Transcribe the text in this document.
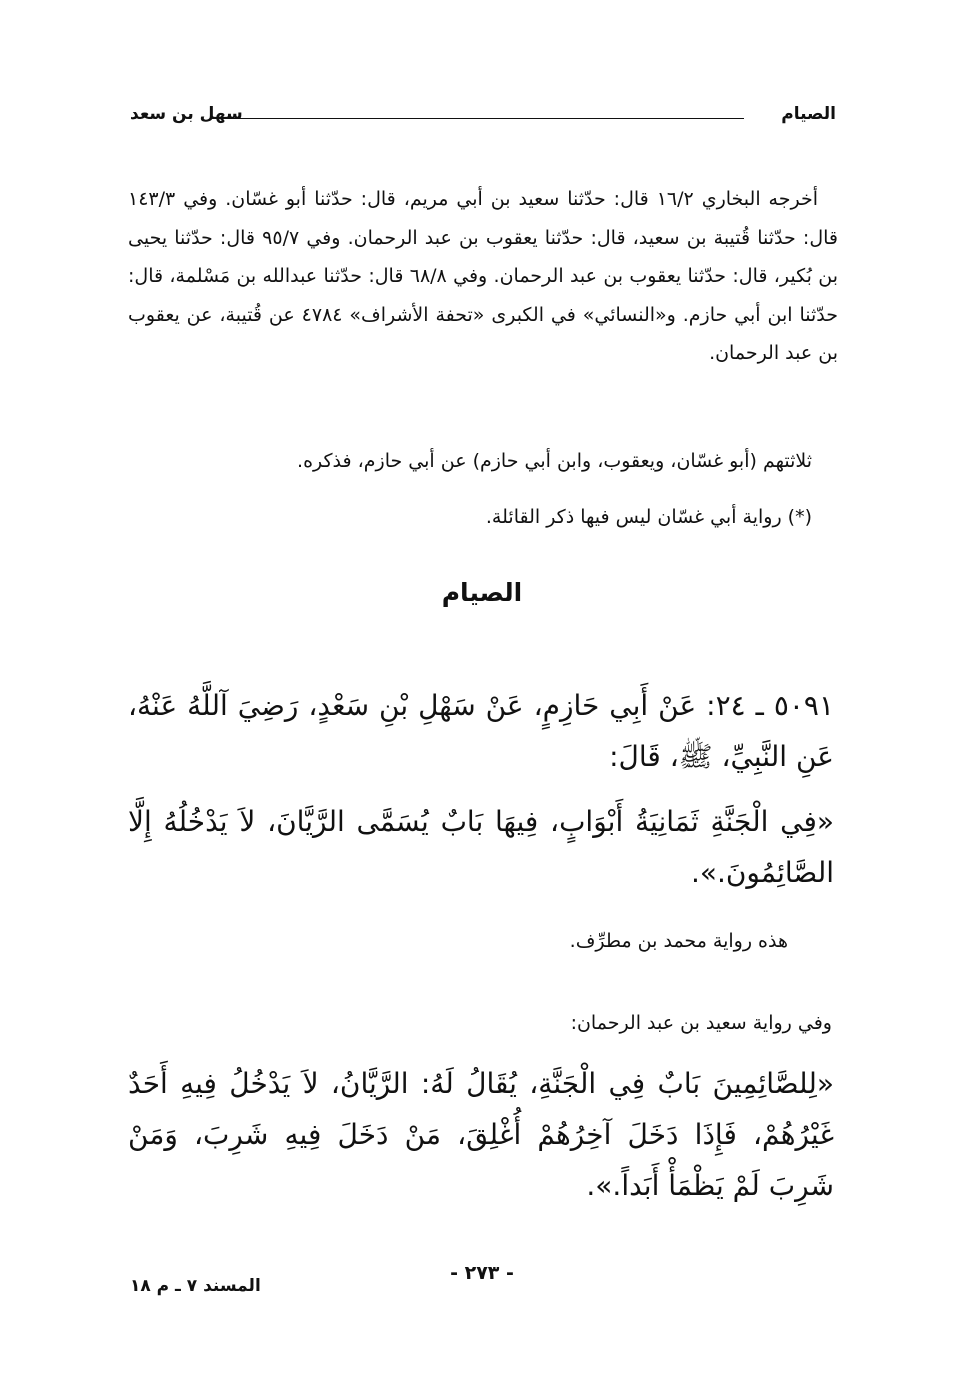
الصيام
سهل بن سعد

أخرجه البخاري ١٦/٢ قال: حدّثنا سعيد بن أبي مريم، قال: حدّثنا أبو غسّان. وفي ١٤٣/٣ قال: حدّثنا قُتيبة بن سعيد، قال: حدّثنا يعقوب بن عبد الرحمان. وفي ٩٥/٧ قال: حدّثنا يحيى بن بُكير، قال: حدّثنا يعقوب بن عبد الرحمان. وفي ٦٨/٨ قال: حدّثنا عبدالله بن مَسْلمة، قال: حدّثنا ابن أبي حازم. و«النسائي» في الكبرى «تحفة الأشراف» ٤٧٨٤ عن قُتيبة، عن يعقوب بن عبد الرحمان.

ثلاثتهم (أبو غسّان، ويعقوب، وابن أبي حازم) عن أبي حازم، فذكره.
(*) رواية أبي غسّان ليس فيها ذكر القائلة.
الصيام
٥٠٩١ ـ ٢٤: عَنْ أَبِي حَازِمٍ، عَنْ سَهْلِ بْنِ سَعْدٍ، رَضِيَ آللَّهُ عَنْهُ، عَنِ النَّبِيِّ، ﷺ، قَالَ:
«فِي الْجَنَّةِ ثَمَانِيَةُ أَبْوَابٍ، فِيهَا بَابٌ يُسَمَّى الرَّيَّانَ، لاَ يَدْخُلُهُ إِلَّا الصَّائِمُونَ.».
هذه رواية محمد بن مطرِّف.
وفي رواية سعيد بن عبد الرحمان:
«لِلصَّائِمِينَ بَابٌ فِي الْجَنَّةِ، يُقَالُ لَهُ: الرَّيَّانُ، لاَ يَدْخُلُ فِيهِ أَحَدٌ غَيْرُهُمْ، فَإِذَا دَخَلَ آخِرُهُمْ أُغْلِقَ، مَنْ دَخَلَ فِيهِ شَرِبَ، وَمَنْ شَرِبَ لَمْ يَظْمَأْ أَبَداً.».
- ٢٧٣ -
المسند ٧ ـ م ١٨
